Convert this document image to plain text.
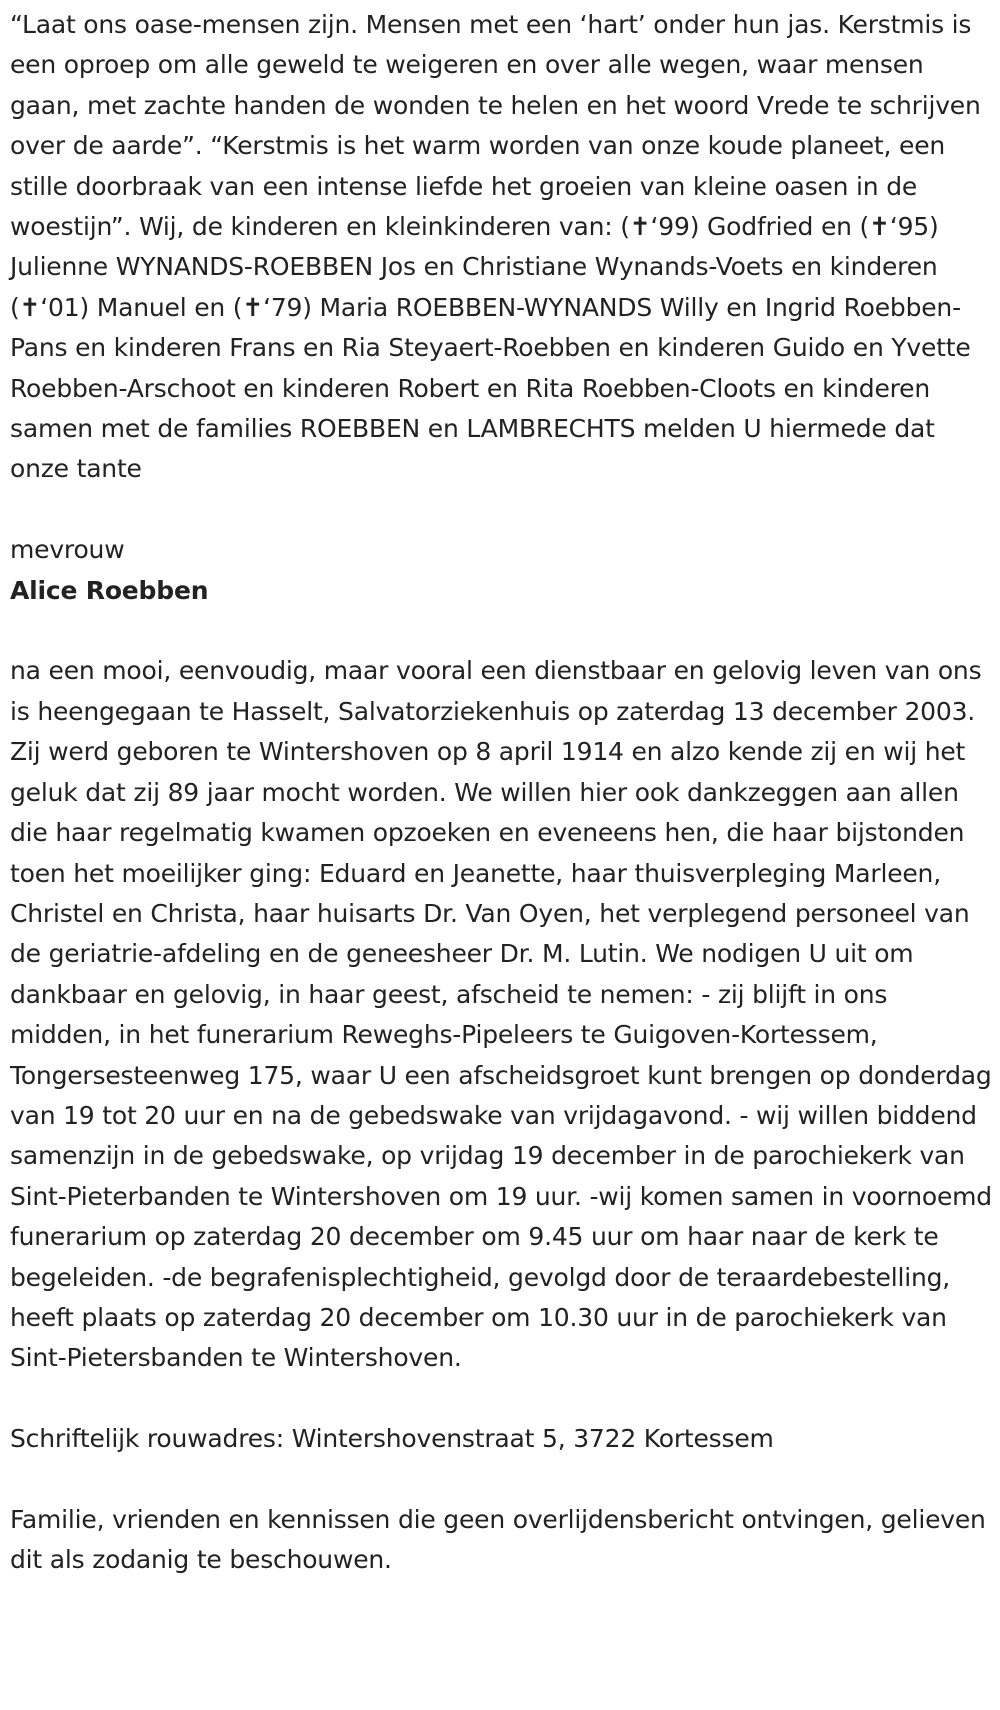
“Laat ons oase-mensen zijn. Mensen met een ‘hart’ onder hun jas. Kerstmis is een oproep om alle geweld te weigeren en over alle wegen, waar mensen gaan, met zachte handen de wonden te helen en het woord Vrede te schrijven over de aarde”. “Kerstmis is het warm worden van onze koude planeet, een stille doorbraak van een intense liefde het groeien van kleine oasen in de woestijn”. Wij, de kinderen en kleinkinderen van: (✝‘99) Godfried en (✝‘95) Julienne WYNANDS-ROEBBEN Jos en Christiane Wynands-Voets en kinderen (✝‘01) Manuel en (✝‘79) Maria ROEBBEN-WYNANDS Willy en Ingrid Roebben-Pans en kinderen Frans en Ria Steyaert-Roebben en kinderen Guido en Yvette Roebben-Arschoot en kinderen Robert en Rita Roebben-Cloots en kinderen samen met de families ROEBBEN en LAMBRECHTS melden U hiermede dat onze tante

mevrouw

Alice Roebben

na een mooi, eenvoudig, maar vooral een dienstbaar en gelovig leven van ons is heengegaan te Hasselt, Salvatorziekenhuis op zaterdag 13 december 2003. Zij werd geboren te Wintershoven op 8 april 1914 en alzo kende zij en wij het geluk dat zij 89 jaar mocht worden. We willen hier ook dankzeggen aan allen die haar regelmatig kwamen opzoeken en eveneens hen, die haar bijstonden toen het moeilijker ging: Eduard en Jeanette, haar thuisverpleging Marleen, Christel en Christa, haar huisarts Dr. Van Oyen, het verplegend personeel van de geriatrie-afdeling en de geneesheer Dr. M. Lutin. We nodigen U uit om dankbaar en gelovig, in haar geest, afscheid te nemen: - zij blijft in ons midden, in het funerarium Reweghs-Pipeleers te Guigoven-Kortessem, Tongersesteenweg 175, waar U een afscheidsgroet kunt brengen op donderdag van 19 tot 20 uur en na de gebedswake van vrijdagavond. - wij willen biddend samenzijn in de gebedswake, op vrijdag 19 december in de parochiekerk van Sint-Pieterbanden te Wintershoven om 19 uur. -wij komen samen in voornoemd funerarium op zaterdag 20 december om 9.45 uur om haar naar de kerk te begeleiden. -de begrafenisplechtigheid, gevolgd door de teraardebestelling, heeft plaats op zaterdag 20 december om 10.30 uur in de parochiekerk van Sint-Pietersbanden te Wintershoven.

Schriftelijk rouwadres: Wintershovenstraat 5, 3722 Kortessem

Familie, vrienden en kennissen die geen overlijdensbericht ontvingen, gelieven dit als zodanig te beschouwen.
